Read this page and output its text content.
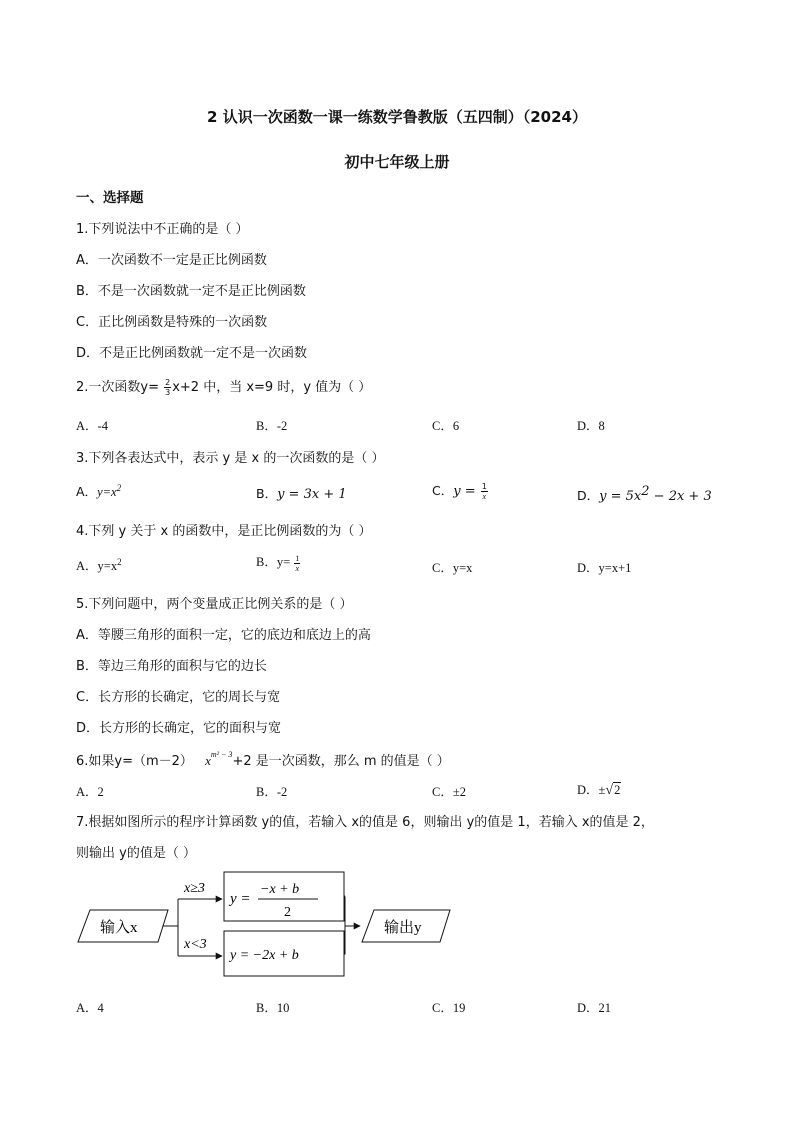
2 认识一次函数一课一练数学鲁教版（五四制）（2024）
初中七年级上册
一、选择题
1.下列说法中不正确的是（ ）
A．一次函数不一定是正比例函数
B．不是一次函数就一定不是正比例函数
C．正比例函数是特殊的一次函数
D．不是正比例函数就一定不是一次函数
2.一次函数$y= \frac{2}{3} x+2$ 中，当 x=9 时，y 值为（ ）
A．-4	B．-2	C．6	D．8
3.下列各表达式中，表示 y 是 x 的一次函数的是（ ）
A．$y=x^2$	B．y = 3x + 1	C．$y = \frac{1}{x}$	D．$y = 5x^2 - 2x + 3$
4.下列 y 关于 x 的函数中，是正比例函数的为（ ）
A．$y=x^2$	B．$y= \frac{1}{x}$	C．y=x	D．y=x+1
5.下列问题中，两个变量成正比例关系的是（ ）
A．等腰三角形的面积一定，它的底边和底边上的高
B．等边三角形的面积与它的边长
C．长方形的长确定，它的周长与宽
D．长方形的长确定，它的面积与宽
6.如果y=（m－2） $x^{m^2 - 3}+2$ 是一次函数，那么 m 的值是（ ）
A．2	B．-2	C．±2	D．±√2
7.根据如图所示的程序计算函数 y的值，若输入 x的值是 6，则输出 y的值是 1，若输入 x的值是 2，
则输出 y的值是（ ）
输入x
x≥3
x<3
y =
−x + b
2
y = −2x + b
输出y
A．4	B．10	C．19	D．21
